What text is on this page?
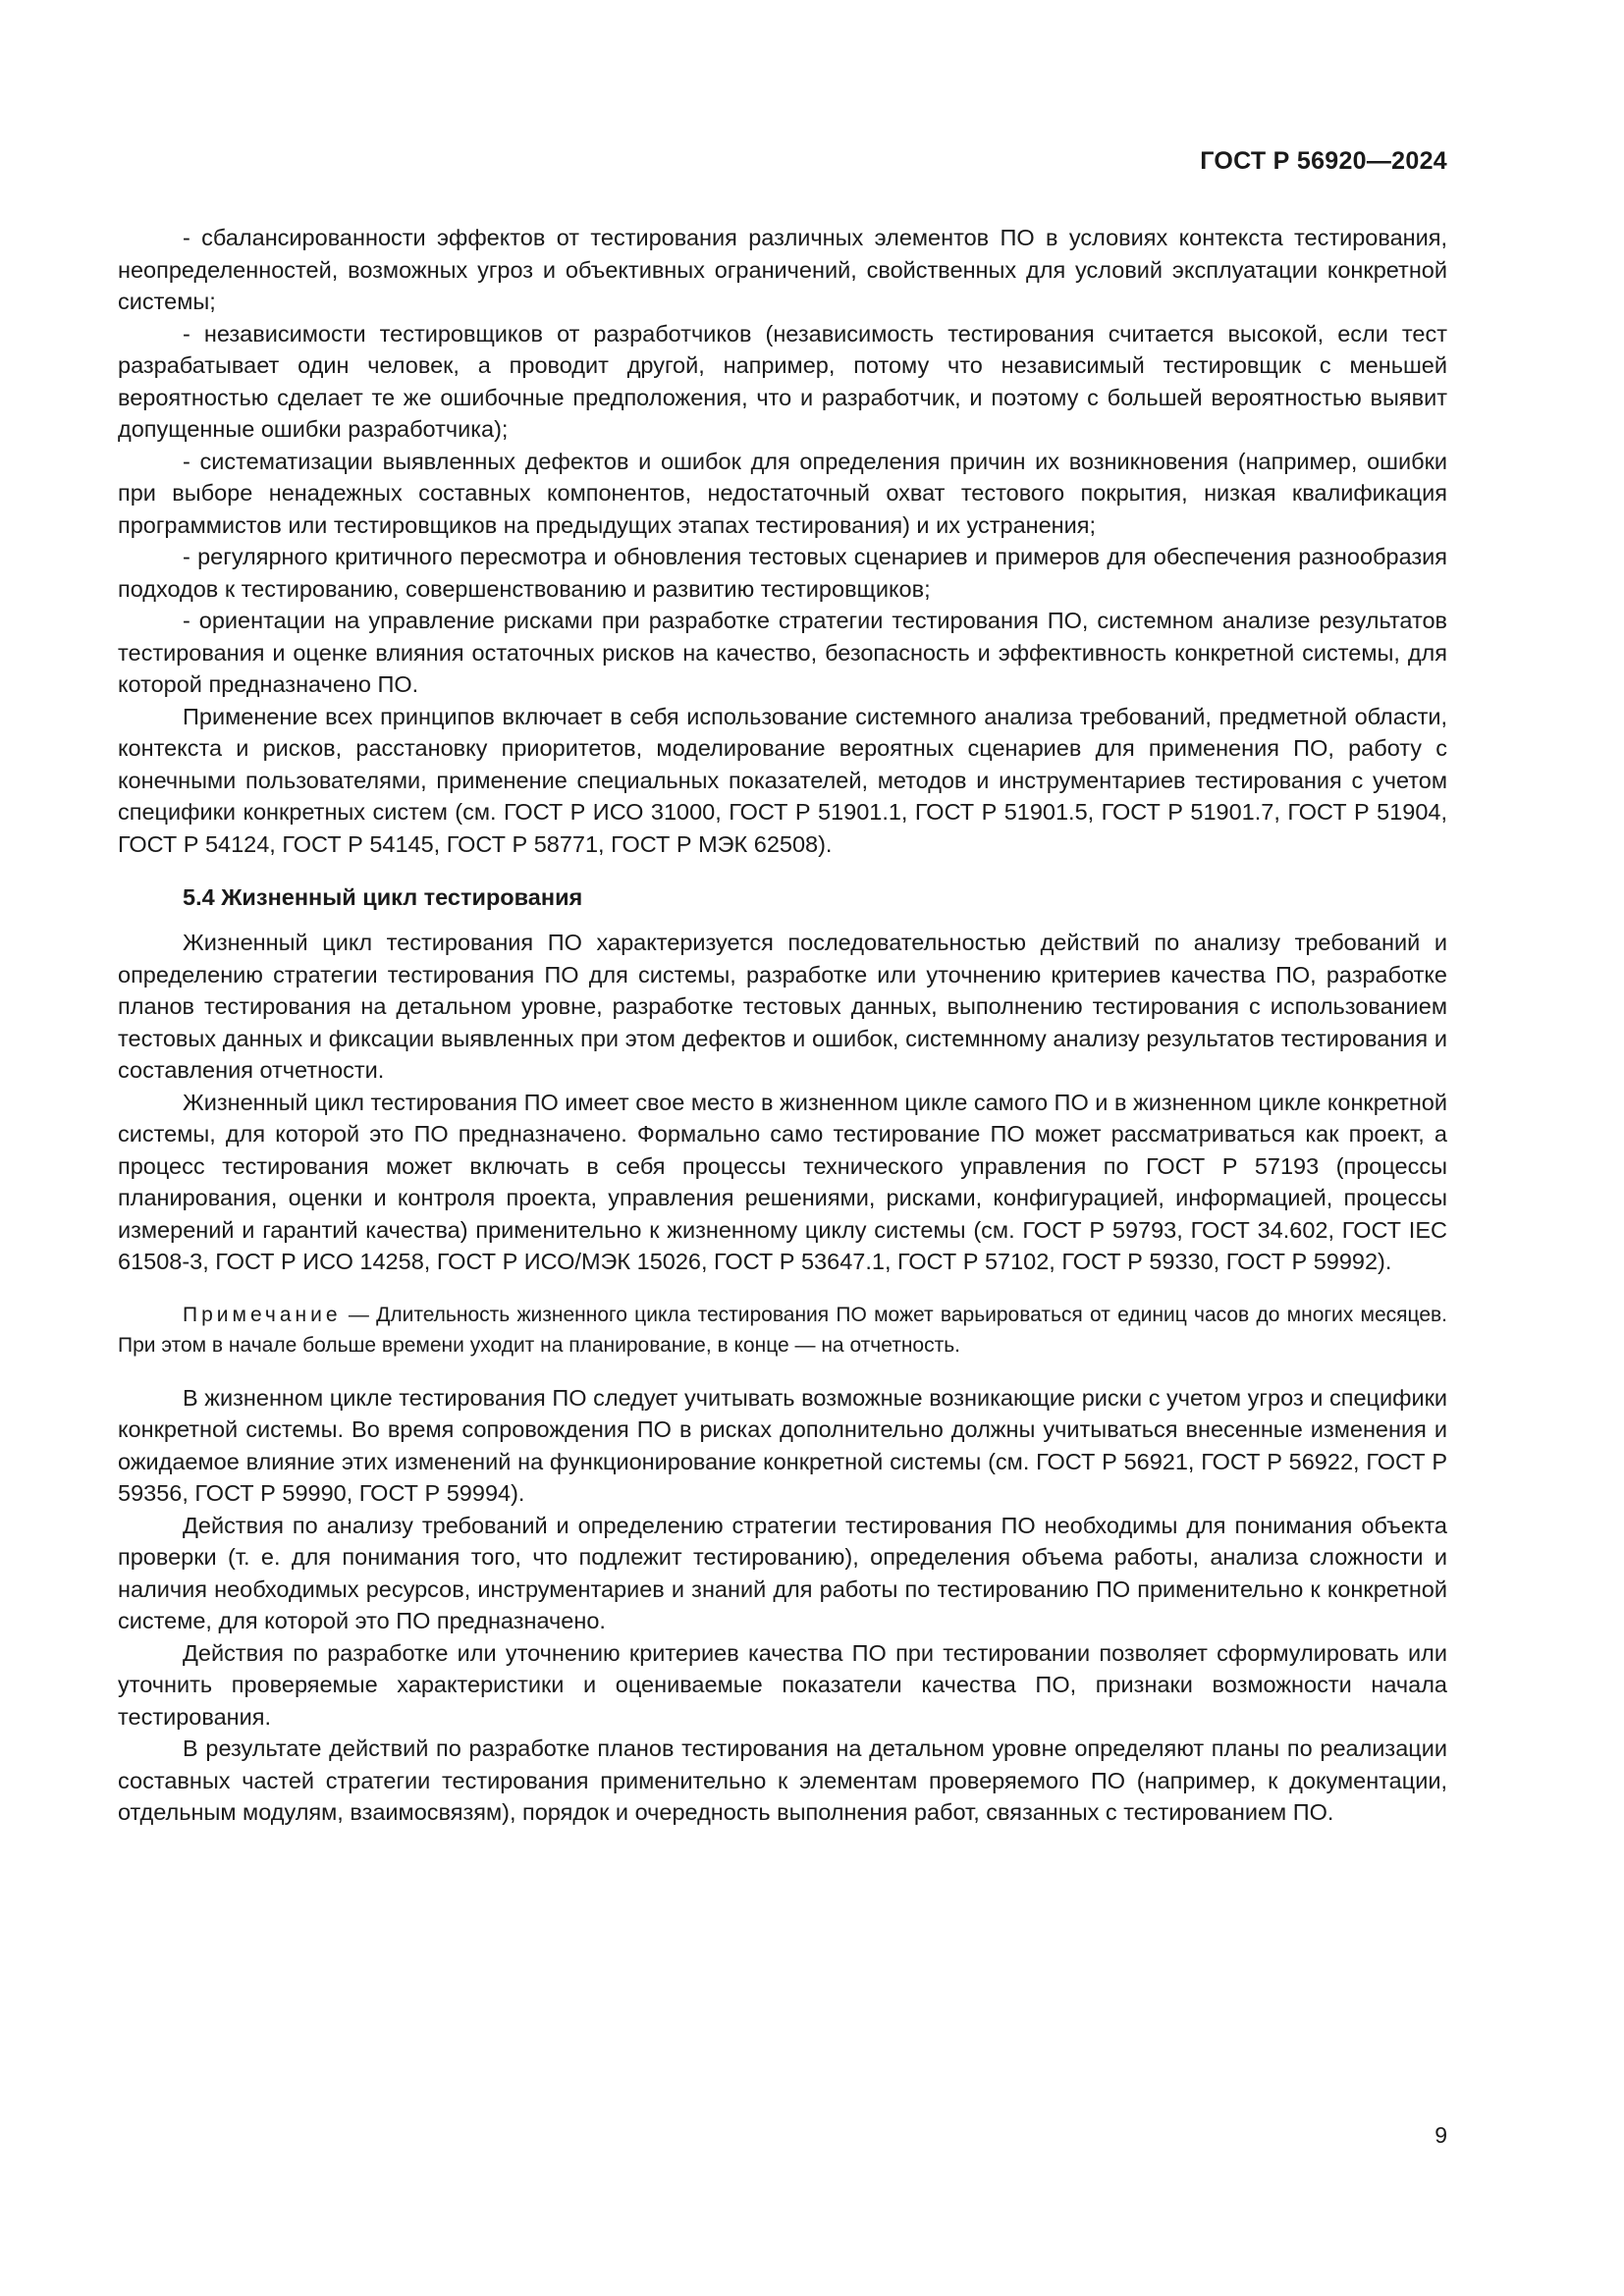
ГОСТ Р 56920—2024

- сбалансированности эффектов от тестирования различных элементов ПО в условиях контекста тестирования, неопределенностей, возможных угроз и объективных ограничений, свойственных для условий эксплуатации конкретной системы;

- независимости тестировщиков от разработчиков (независимость тестирования считается высокой, если тест разрабатывает один человек, а проводит другой, например, потому что независимый тестировщик с меньшей вероятностью сделает те же ошибочные предположения, что и разработчик, и поэтому с большей вероятностью выявит допущенные ошибки разработчика);

- систематизации выявленных дефектов и ошибок для определения причин их возникновения (например, ошибки при выборе ненадежных составных компонентов, недостаточный охват тестового покрытия, низкая квалификация программистов или тестировщиков на предыдущих этапах тестирования) и их устранения;

- регулярного критичного пересмотра и обновления тестовых сценариев и примеров для обеспечения разнообразия подходов к тестированию, совершенствованию и развитию тестировщиков;

- ориентации на управление рисками при разработке стратегии тестирования ПО, системном анализе результатов тестирования и оценке влияния остаточных рисков на качество, безопасность и эффективность конкретной системы, для которой предназначено ПО.

Применение всех принципов включает в себя использование системного анализа требований, предметной области, контекста и рисков, расстановку приоритетов, моделирование вероятных сценариев для применения ПО, работу с конечными пользователями, применение специальных показателей, методов и инструментариев тестирования с учетом специфики конкретных систем (см. ГОСТ Р ИСО 31000, ГОСТ Р 51901.1, ГОСТ Р 51901.5, ГОСТ Р 51901.7, ГОСТ Р 51904, ГОСТ Р 54124, ГОСТ Р 54145, ГОСТ Р 58771, ГОСТ Р МЭК 62508).

5.4 Жизненный цикл тестирования

Жизненный цикл тестирования ПО характеризуется последовательностью действий по анализу требований и определению стратегии тестирования ПО для системы, разработке или уточнению критериев качества ПО, разработке планов тестирования на детальном уровне, разработке тестовых данных, выполнению тестирования с использованием тестовых данных и фиксации выявленных при этом дефектов и ошибок, системнному анализу результатов тестирования и составления отчетности.

Жизненный цикл тестирования ПО имеет свое место в жизненном цикле самого ПО и в жизненном цикле конкретной системы, для которой это ПО предназначено. Формально само тестирование ПО может рассматриваться как проект, а процесс тестирования может включать в себя процессы технического управления по ГОСТ Р 57193 (процессы планирования, оценки и контроля проекта, управления решениями, рисками, конфигурацией, информацией, процессы измерений и гарантий качества) применительно к жизненному циклу системы (см. ГОСТ Р 59793, ГОСТ 34.602, ГОСТ IEC 61508-3, ГОСТ Р ИСО 14258, ГОСТ Р ИСО/МЭК 15026, ГОСТ Р 53647.1, ГОСТ Р 57102, ГОСТ Р 59330, ГОСТ Р 59992).

Примечание — Длительность жизненного цикла тестирования ПО может варьироваться от единиц часов до многих месяцев. При этом в начале больше времени уходит на планирование, в конце — на отчетность.

В жизненном цикле тестирования ПО следует учитывать возможные возникающие риски с учетом угроз и специфики конкретной системы. Во время сопровождения ПО в рисках дополнительно должны учитываться внесенные изменения и ожидаемое влияние этих изменений на функционирование конкретной системы (см. ГОСТ Р 56921, ГОСТ Р 56922, ГОСТ Р 59356, ГОСТ Р 59990, ГОСТ Р 59994).

Действия по анализу требований и определению стратегии тестирования ПО необходимы для понимания объекта проверки (т. е. для понимания того, что подлежит тестированию), определения объема работы, анализа сложности и наличия необходимых ресурсов, инструментариев и знаний для работы по тестированию ПО применительно к конкретной системе, для которой это ПО предназначено.

Действия по разработке или уточнению критериев качества ПО при тестировании позволяет сформулировать или уточнить проверяемые характеристики и оцениваемые показатели качества ПО, признаки возможности начала тестирования.

В результате действий по разработке планов тестирования на детальном уровне определяют планы по реализации составных частей стратегии тестирования применительно к элементам проверяемого ПО (например, к документации, отдельным модулям, взаимосвязям), порядок и очередность выполнения работ, связанных с тестированием ПО.

9
